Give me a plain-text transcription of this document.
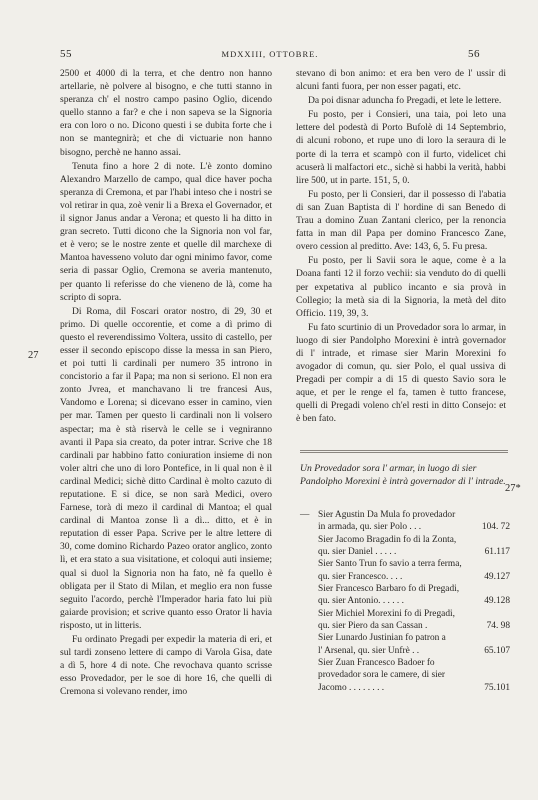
55	MDXXIII, OTTOBRE.	56
27
27*

2500 et 4000 di la terra, et che dentro non hanno artellarie, nè polvere al bisogno, e che tutti stanno in speranza ch' el nostro campo pasino Oglio, dicendo quello stanno a far? e che i non sapeva se la Signoria era con loro o no. Dicono questi i se dubita forte che i non se mantegnirà; et che di victuarie non hanno bisogno, perchè ne hanno assai.

Tenuta fino a hore 2 di note. L'è zonto domino Alexandro Marzello de campo, qual dice haver pocha speranza di Cremona, et par l'habi inteso che i nostri se vol retirar in qua, zoè venir li a Brexa el Governador, et il signor Janus andar a Verona; et questo li ha ditto in gran secreto. Tutti dicono che la Signoria non vol far, et è vero; se le nostre zente et quelle dil marchexe di Mantoa havesseno voluto dar ogni minimo favor, come seria di passar Oglio, Cremona se averia mantenuto, per quanto li referisse do che vieneno de là, come ha scripto di sopra.

Di Roma, dil Foscari orator nostro, di 29, 30 et primo. Di quelle occorentie, et come a dì primo di questo el reverendissimo Voltera, ussito di castello, per esser il secondo episcopo disse la messa in san Piero, et poi tutti li cardinali per numero 35 introno in concistorio a far il Papa; ma non si seriono. El non era zonto Jvrea, et manchavano li tre francesi Aus, Vandomo e Lorena; si dicevano esser in camino, vien per mar. Tamen per questo li cardinali non li volsero aspectar; ma è stà riservà le celle se i vegniranno avanti il Papa sia creato, da poter intrar. Scrive che 18 cardinali par habbino fatto coniuration insieme di non voler altri che uno di loro Pontefice, in li qual non è il cardinal Medici; sichè ditto Cardinal è molto cazuto di reputatione. E si dice, se non sarà Medici, overo Farnese, torà di mezo il cardinal di Mantoa; el qual cardinal di Mantoa zonse lì a dì... ditto, et è in reputation di esser Papa. Scrive per le altre lettere di 30, come domino Richardo Pazeo orator anglico, zonto lì, et era stato a sua visitatione, et coloqui auti insieme; qual si duol la Signoria non ha fato, nè fa quello è obligata per il Stato di Milan, et meglio era non fusse seguito l'acordo, perchè l'Imperador haria fato lui più gaiarde provision; et scrive quanto esso Orator li havia risposto, ut in litteris.

Fu ordinato Pregadi per expedir la materia di eri, et sul tardi zonseno lettere di campo di Varola Gisa, date a dì 5, hore 4 di note. Che revochava quanto scrisse esso Provedador, per le soe di hore 16, che quelli di Cremona si volevano render, imo

stevano di bon animo: et era ben vero de l' ussir di alcuni fanti fuora, per non esser pagati, etc.

Da poi disnar aduncha fo Pregadi, et lete le lettere.

Fu posto, per i Consieri, una taia, poi leto una lettere del podestà di Porto Bufolè di 14 Septembrio, di alcuni robono, et rupe uno di loro la seraura di le porte di la terra et scampò con il furto, videlicet chi acuserà li malfactori etc., sichè si habbi la verità, habbi lire 500, ut in parte. 151, 5, 0.

Fu posto, per li Consieri, dar il possesso di l'abatia di san Zuan Baptista di l' hordine di san Benedo di Trau a domino Zuan Zantani clerico, per la renoncia fatta in man dil Papa per domino Francesco Zane, overo cession al preditto. Ave: 143, 6, 5. Fu presa.

Fu posto, per li Savii sora le aque, come è a la Doana fanti 12 il forzo vechii: sia venduto do di quelli per expetativa al publico incanto e sia provà in Collegio; la metà sia di la Signoria, la metà del dito Officio. 119, 39, 3.

Fu fato scurtinio di un Provedador sora lo armar, in luogo di sier Pandolpho Morexini è intrà governador di l' intrade, et rimase sier Marin Morexini fo avogador di comun, qu. sier Polo, el qual ussiva di Pregadi per compir a di 15 di questo Savio sora le aque, et per le renge el fa, tamen è tutto francese, quelli di Pregadi voleno ch'el resti in ditto Consejo: et è ben fato.

Un Provedador sora l' armar, in luogo di sier Pandolpho Morexini è intrà governador di l' intrade.
— Sier Agustin Da Mula fo provedador
in armada, qu. sier Polo . . .	104. 72
Sier Jacomo Bragadin fo di la Zonta,
qu. sier Daniel . . . . .	61.117
Sier Santo Trun fo savio a terra ferma, qu. sier Francesco. . . .	49.127
Sier Francesco Barbaro fo di Pregadi,
qu. sier Antonio. . . . . .	49.128
Sier Michiel Morexini fo di Pregadi,
qu. sier Piero da san Cassan .	74. 98
Sier Lunardo Justinian fo patron a
l' Arsenal, qu. sier Unfrè . .	65.107
Sier Zuan Francesco Badoer fo provedador sora le camere, di sier Jacomo . . . . . . . .	75.101
